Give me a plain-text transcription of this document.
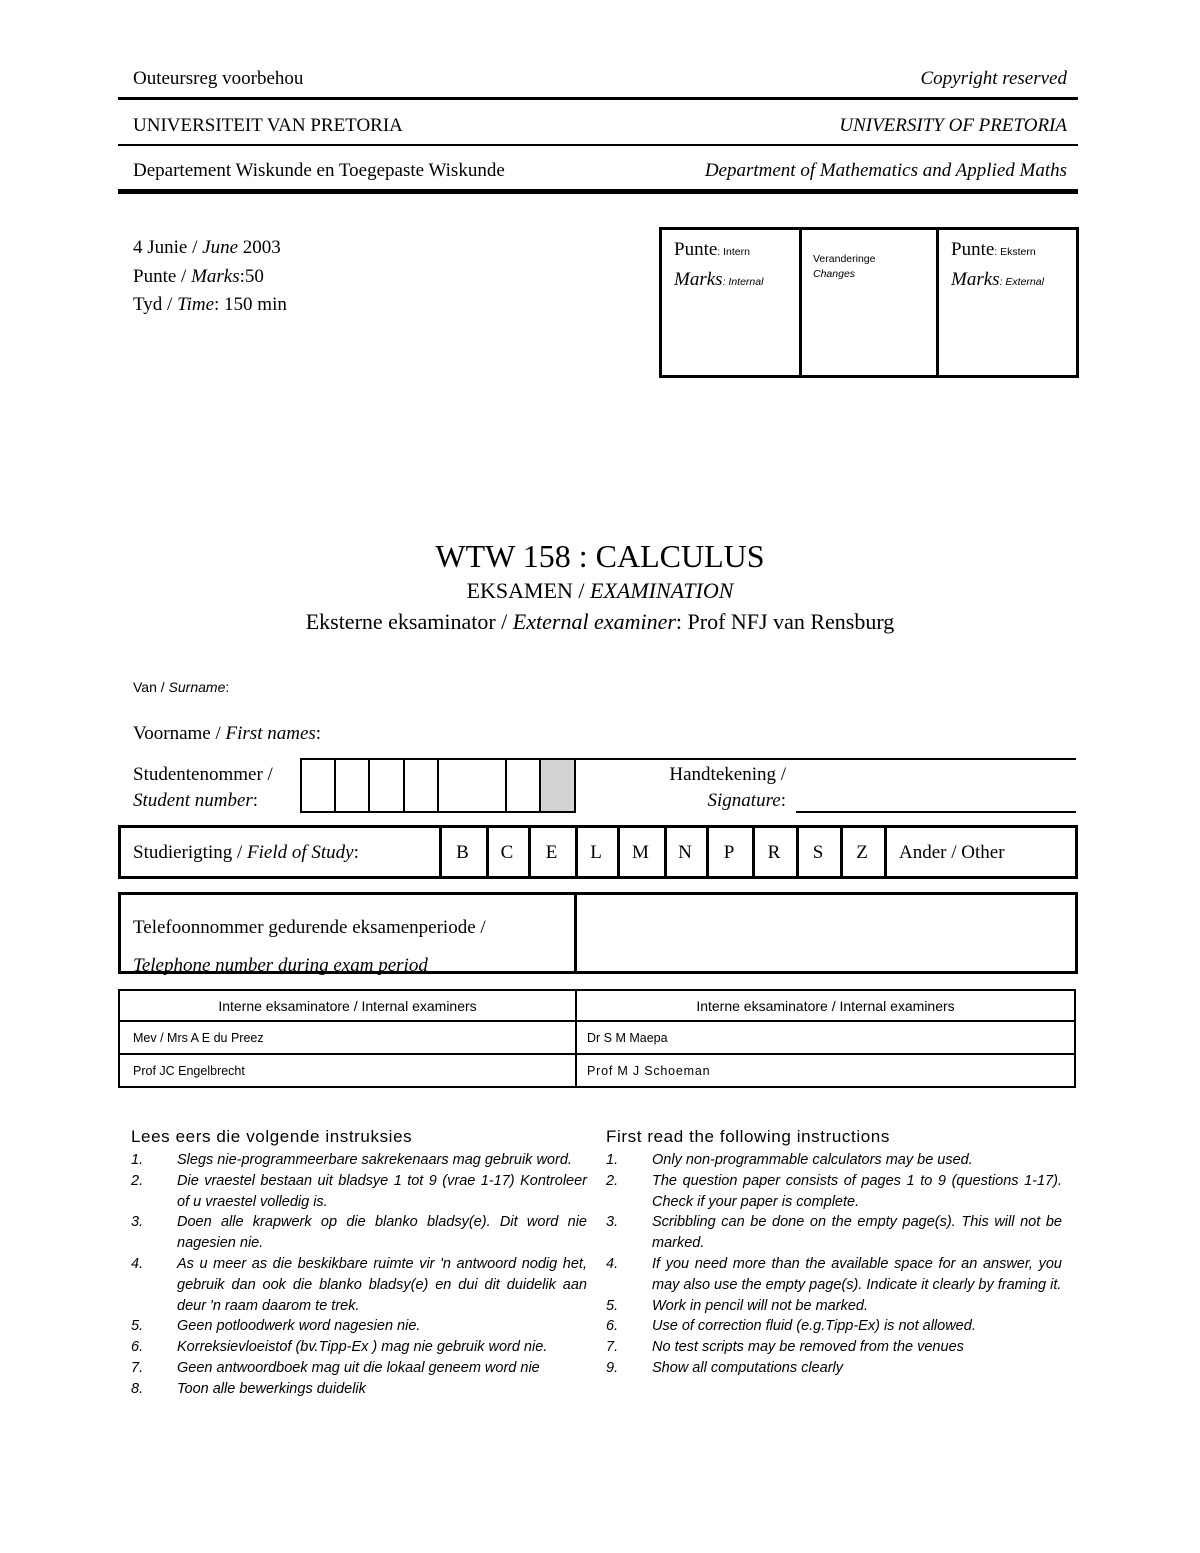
Outeursreg voorbehou	Copyright reserved
UNIVERSITEIT VAN PRETORIA	UNIVERSITY OF PRETORIA
Departement Wiskunde en Toegepaste Wiskunde	Department of Mathematics and Applied Maths
4 Junie / June 2003
Punte / Marks:50
Tyd / Time: 150 min
Punte: Intern
Marks: Internal
Veranderinge
Changes
Punte: Ekstern
Marks: External
WTW 158 : CALCULUS
EKSAMEN / EXAMINATION
Eksterne eksaminator / External examiner: Prof NFJ van Rensburg
Van / Surname:
Voorname / First names:
Studentenommer /
Student number:
Handtekening /
Signature:
Studierigting / Field of Study:	B	C	E	L	M	N	P	R	S	Z	Ander / Other
Telefoonnommer gedurende eksamenperiode /
Telephone number during exam period
Interne eksaminatore / Internal examiners	Interne eksaminatore / Internal examiners
Mev / Mrs A E du Preez	Dr S M Maepa
Prof JC Engelbrecht	Prof M J Schoeman
Lees eers die volgende instruksies
1.	Slegs nie-programmeerbare sakrekenaars mag gebruik word.
2.	Die vraestel bestaan uit bladsye 1 tot 9 (vrae 1-17) Kontroleer of u vraestel volledig is.
3.	Doen alle krapwerk op die blanko bladsy(e). Dit word nie nagesien nie.
4.	As u meer as die beskikbare ruimte vir 'n antwoord nodig het, gebruik dan ook die blanko bladsy(e) en dui dit duidelik aan deur 'n raam daarom te trek.
5.	Geen potloodwerk word nagesien nie.
6.	Korreksievloeistof (bv.Tipp-Ex ) mag nie gebruik word nie.
7.	Geen antwoordboek mag uit die lokaal geneem word nie
8.	Toon alle bewerkings duidelik
First read the following instructions
1.	Only non-programmable calculators may be used.
2.	The question paper consists of pages 1 to 9 (questions 1-17). Check if your paper is complete.
3.	Scribbling can be done on the empty page(s). This will not be marked.
4.	If you need more than the available space for an answer, you may also use the empty page(s). Indicate it clearly by framing it.
5.	Work in pencil will not be marked.
6.	Use of correction fluid (e.g.Tipp-Ex) is not allowed.
7.	No test scripts may be removed from the venues
9.	Show all computations clearly
